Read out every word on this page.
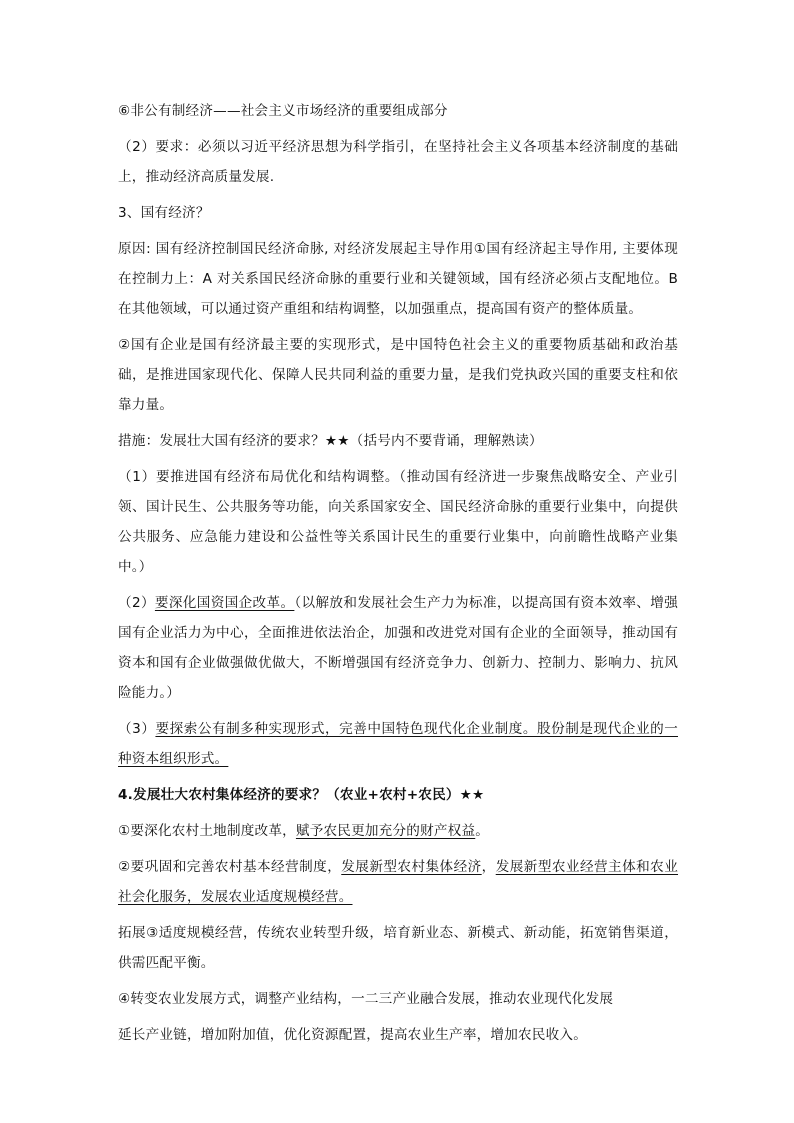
⑥非公有制经济——社会主义市场经济的重要组成部分

（2）要求：必须以习近平经济思想为科学指引，在坚持社会主义各项基本经济制度的基础上，推动经济高质量发展.

3、国有经济？

原因: 国有经济控制国民经济命脉, 对经济发展起主导作用①国有经济起主导作用, 主要体现在控制力上：A 对关系国民经济命脉的重要行业和关键领域，国有经济必须占支配地位。B 在其他领域，可以通过资产重组和结构调整，以加强重点，提高国有资产的整体质量。

②国有企业是国有经济最主要的实现形式，是中国特色社会主义的重要物质基础和政治基础，是推进国家现代化、保障人民共同利益的重要力量，是我们党执政兴国的重要支柱和依靠力量。

措施：发展壮大国有经济的要求？★★（括号内不要背诵，理解熟读）

（1）要推进国有经济布局优化和结构调整。（推动国有经济进一步聚焦战略安全、产业引领、国计民生、公共服务等功能，向关系国家安全、国民经济命脉的重要行业集中，向提供公共服务、应急能力建设和公益性等关系国计民生的重要行业集中，向前瞻性战略产业集中。）

（2）要深化国资国企改革。（以解放和发展社会生产力为标准，以提高国有资本效率、增强国有企业活力为中心，全面推进依法治企，加强和改进党对国有企业的全面领导，推动国有资本和国有企业做强做优做大，不断增强国有经济竞争力、创新力、控制力、影响力、抗风险能力。）

（3）要探索公有制多种实现形式，完善中国特色现代化企业制度。股份制是现代企业的一种资本组织形式。

4.发展壮大农村集体经济的要求？（农业+农村+农民）★★

①要深化农村土地制度改革，赋予农民更加充分的财产权益。

②要巩固和完善农村基本经营制度，发展新型农村集体经济，发展新型农业经营主体和农业社会化服务，发展农业适度规模经营。

拓展③适度规模经营，传统农业转型升级，培育新业态、新模式、新动能，拓宽销售渠道，供需匹配平衡。

④转变农业发展方式，调整产业结构，一二三产业融合发展，推动农业现代化发展

延长产业链，增加附加值，优化资源配置，提高农业生产率，增加农民收入。
